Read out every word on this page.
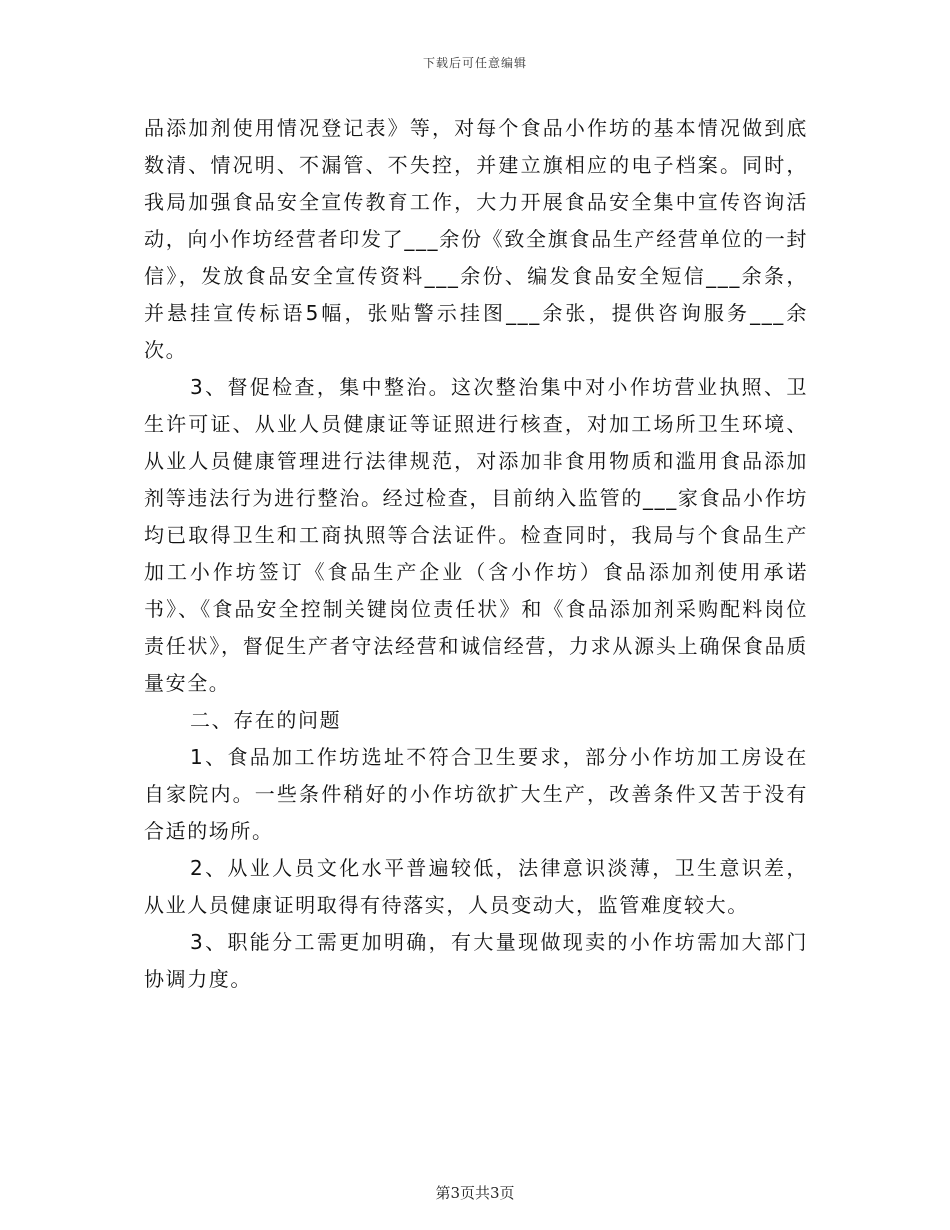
下载后可任意编辑

品添加剂使用情况登记表》等，对每个食品小作坊的基本情况做到底数清、情况明、不漏管、不失控，并建立旗相应的电子档案。同时，我局加强食品安全宣传教育工作，大力开展食品安全集中宣传咨询活动，向小作坊经营者印发了___余份《致全旗食品生产经营单位的一封信》，发放食品安全宣传资料___余份、编发食品安全短信___余条，并悬挂宣传标语5幅，张贴警示挂图___余张，提供咨询服务___余次。

3、督促检查，集中整治。这次整治集中对小作坊营业执照、卫生许可证、从业人员健康证等证照进行核查，对加工场所卫生环境、从业人员健康管理进行法律规范，对添加非食用物质和滥用食品添加剂等违法行为进行整治。经过检查，目前纳入监管的___家食品小作坊均已取得卫生和工商执照等合法证件。检查同时，我局与个食品生产加工小作坊签订《食品生产企业（含小作坊）食品添加剂使用承诺书》、《食品安全控制关键岗位责任状》和《食品添加剂采购配料岗位责任状》，督促生产者守法经营和诚信经营，力求从源头上确保食品质量安全。

二、存在的问题

1、食品加工作坊选址不符合卫生要求，部分小作坊加工房设在自家院内。一些条件稍好的小作坊欲扩大生产，改善条件又苦于没有合适的场所。

2、从业人员文化水平普遍较低，法律意识淡薄，卫生意识差，从业人员健康证明取得有待落实，人员变动大，监管难度较大。

3、职能分工需更加明确，有大量现做现卖的小作坊需加大部门协调力度。

第3页共3页
